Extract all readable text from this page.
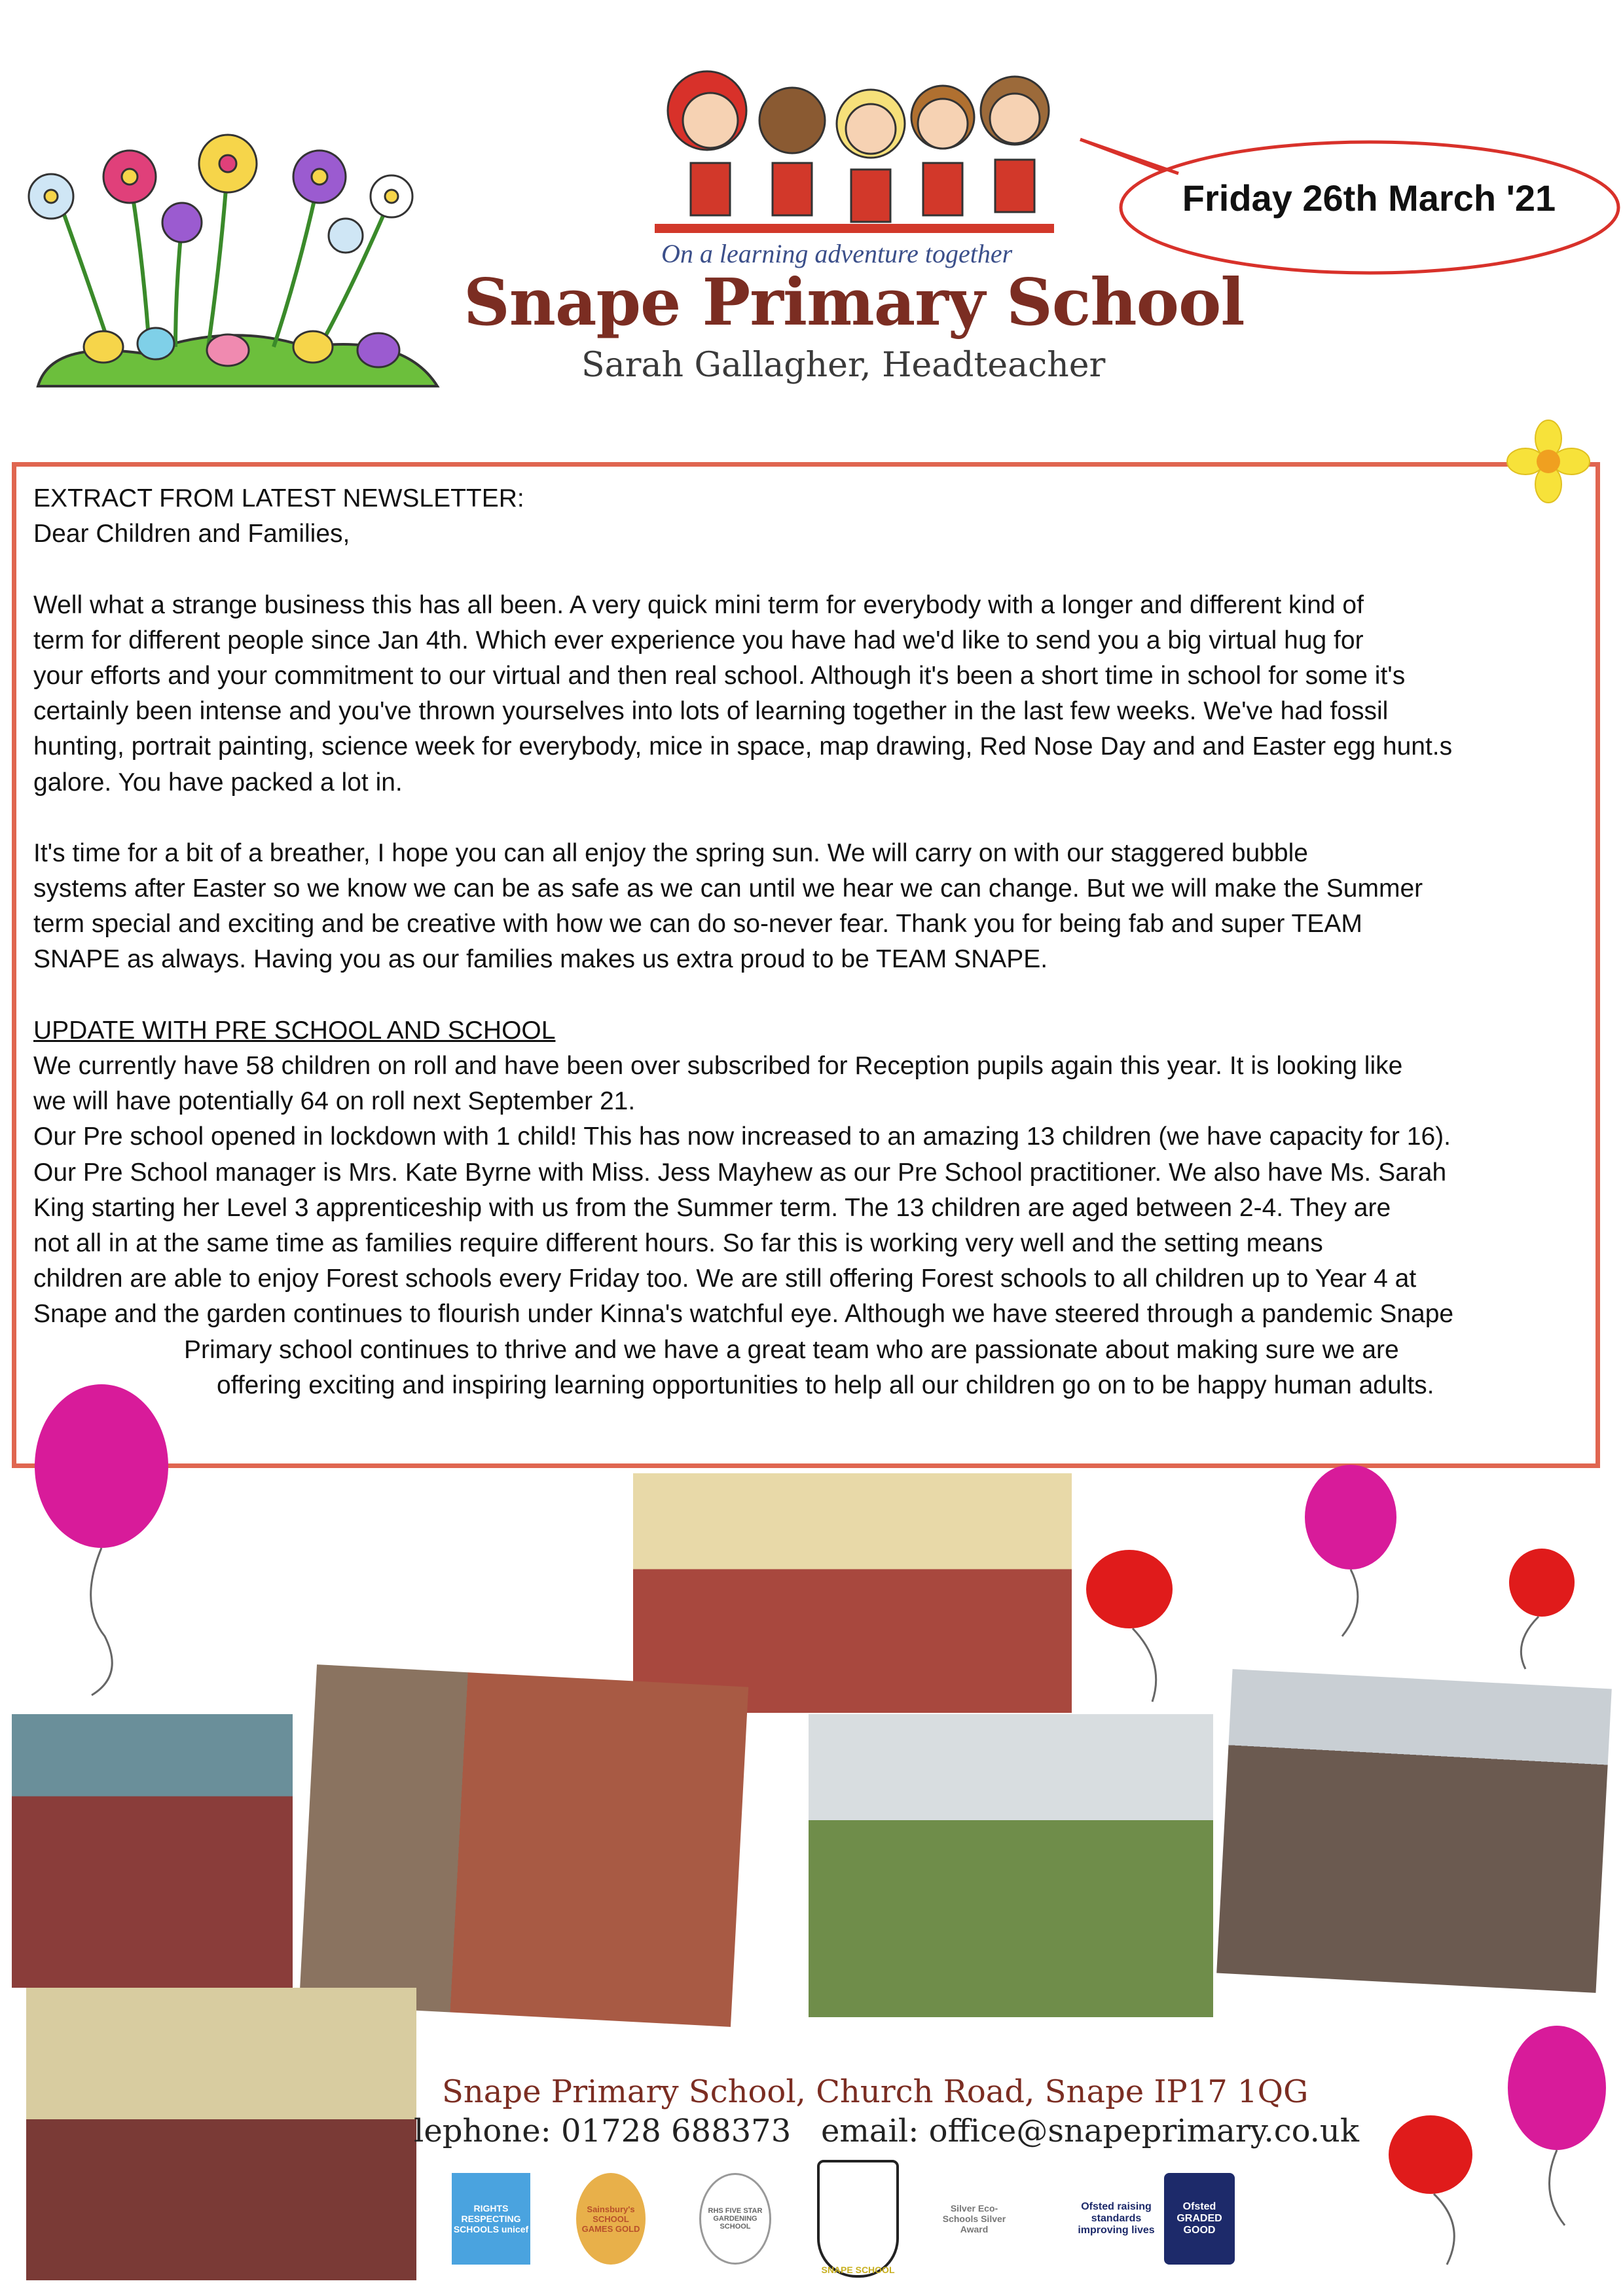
On a learning adventure together
Snape Primary School
Sarah Gallagher, Headteacher
Friday 26th March '21
EXTRACT FROM LATEST NEWSLETTER:
Dear Children and Families,
Well what a strange business this has all been. A very quick mini term for everybody with a longer and different kind of
term for different people since Jan 4th. Which ever experience you have had we'd like to send you a big virtual hug for
your efforts and your commitment to our virtual and then real school. Although it's been a short time in school for some it's
certainly been intense and you've thrown yourselves into lots of learning together in the last few weeks. We've had fossil
hunting, portrait painting, science week for everybody, mice in space, map drawing, Red Nose Day and and Easter egg hunt.s
galore. You have packed a lot in.
It's time for a bit of a breather, I hope you can all enjoy the spring sun. We will carry on with our staggered bubble
systems after Easter so we know we can be as safe as we can until we hear we can change. But we will make the Summer
term special and exciting and be creative with how we can do so-never fear. Thank you for being fab and super TEAM
SNAPE as always. Having you as our families makes us extra proud to be TEAM SNAPE.
UPDATE WITH PRE SCHOOL AND SCHOOL
We currently have 58 children on roll and have been over subscribed for Reception pupils again this year. It is looking like
we will have potentially 64 on roll next September 21.
Our Pre school opened in lockdown with 1 child! This has now increased to an amazing 13 children (we have capacity for 16).
Our Pre School manager is Mrs. Kate Byrne with Miss. Jess Mayhew as our Pre School practitioner. We also have Ms. Sarah
King starting her Level 3 apprenticeship with us from the Summer term. The 13 children are aged between 2-4. They are
not all in at the same time as families require different hours. So far this is working very well and the setting means
children are able to enjoy Forest schools every Friday too. We are still offering Forest schools to all children up to Year 4 at
Snape and the garden continues to flourish under Kinna's watchful eye. Although we have steered through a pandemic Snape
Primary school continues to thrive and we have a great team who are passionate about making sure we are
offering exciting and inspiring learning opportunities to help all our children go on to be happy human adults.
Snape Primary School, Church Road, Snape IP17 1QG
lephone: 01728 688373   email: office@snapeprimary.co.uk
RIGHTS RESPECTING SCHOOLS unicef
Sainsbury's SCHOOL GAMES GOLD
RHS FIVE STAR GARDENING SCHOOL
SNAPE SCHOOL
Silver Eco-Schools Silver Award
Ofsted raising standards improving lives
Ofsted GRADED GOOD
